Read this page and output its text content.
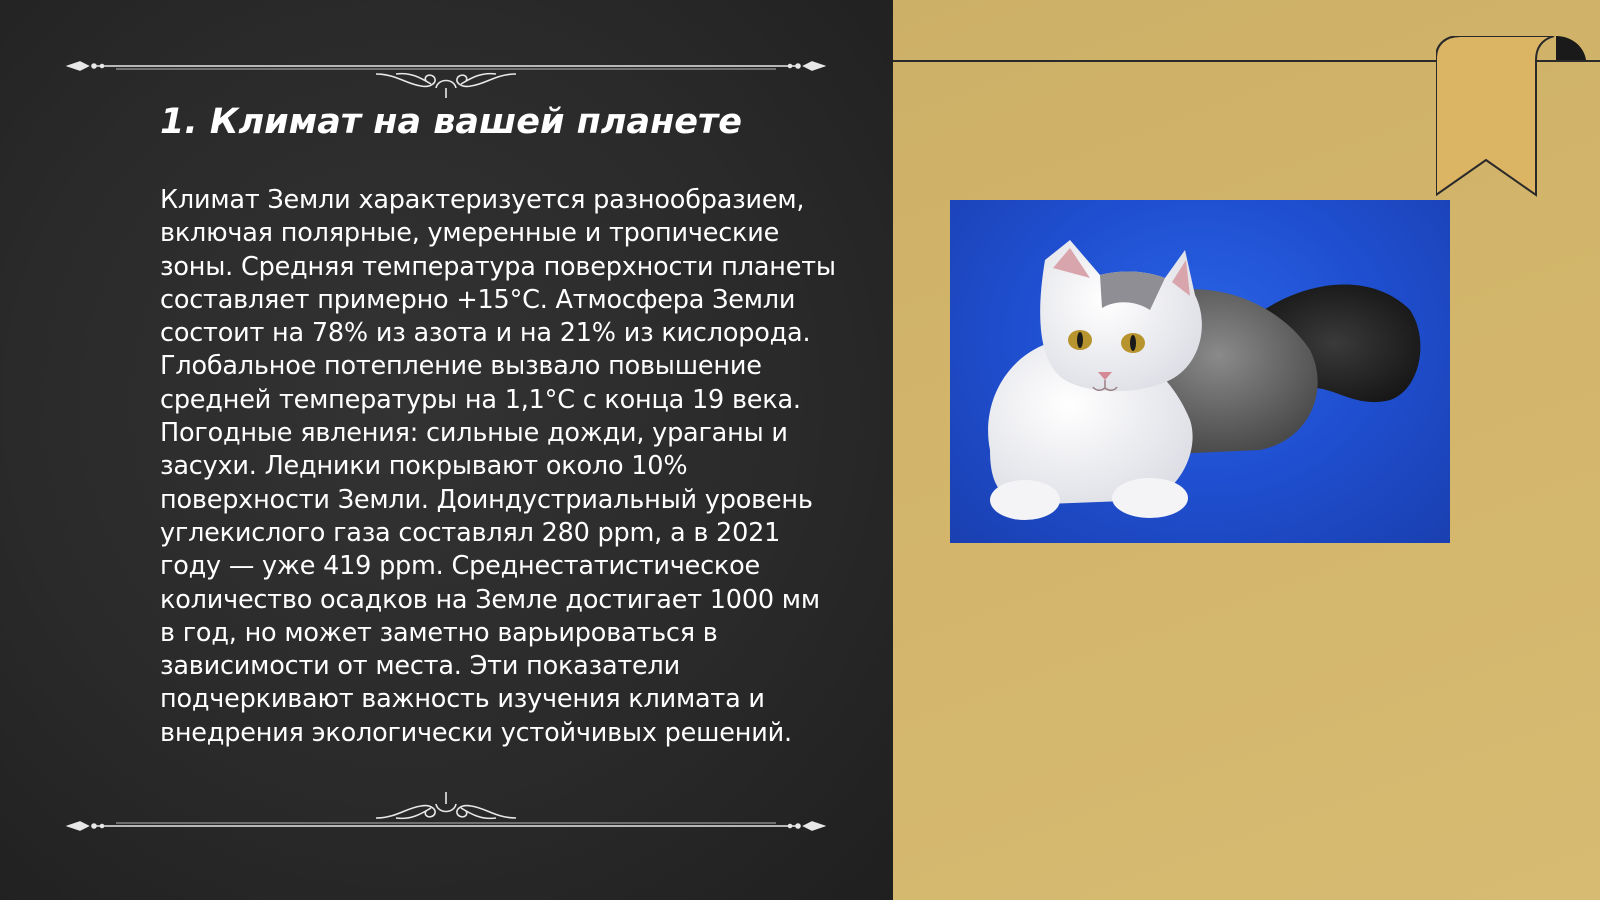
1. Климат на вашей планете

Климат Земли характеризуется разнообразием, включая полярные, умеренные и тропические зоны. Средняя температура поверхности планеты составляет примерно +15°C. Атмосфера Земли состоит на 78% из азота и на 21% из кислорода. Глобальное потепление вызвало повышение средней температуры на 1,1°C с конца 19 века. Погодные явления: сильные дожди, ураганы и засухи. Ледники покрывают около 10% поверхности Земли. Доиндустриальный уровень углекислого газа составлял 280 ppm, а в 2021 году — уже 419 ppm. Среднестатистическое количество осадков на Земле достигает 1000 мм в год, но может заметно варьироваться в зависимости от места. Эти показатели подчеркивают важность изучения климата и внедрения экологически устойчивых решений.
